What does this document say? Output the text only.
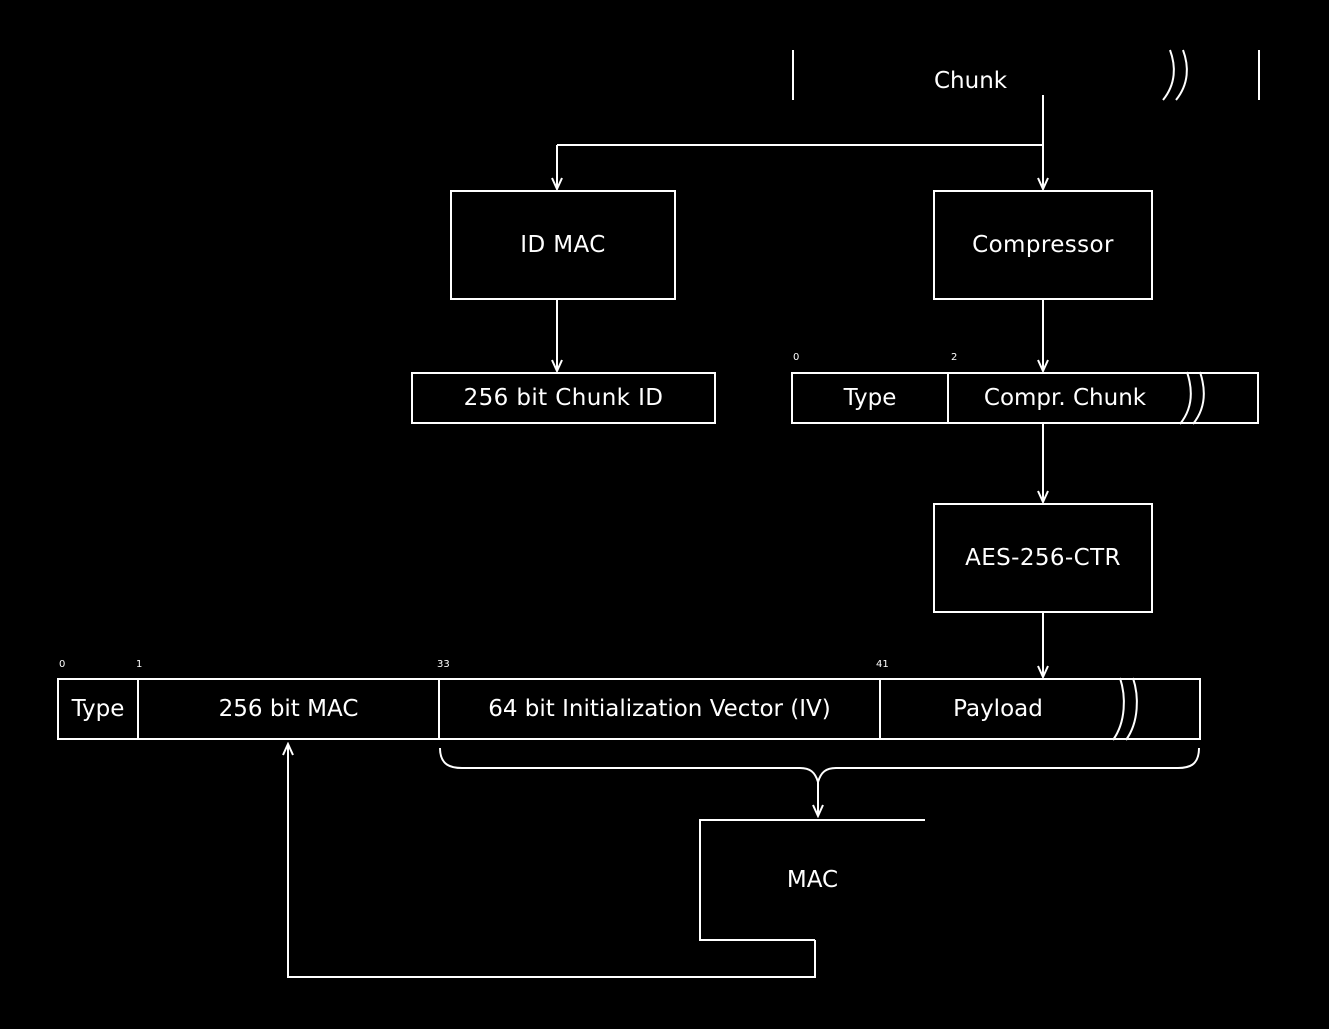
Chunk
ID MAC	Compressor
256 bit Chunk ID
AES-256-CTR
Type	Compr. Chunk
0	2
Type	256 bit MAC	64 bit Initialization Vector (IV)	Payload
0	1	33	41
MAC
